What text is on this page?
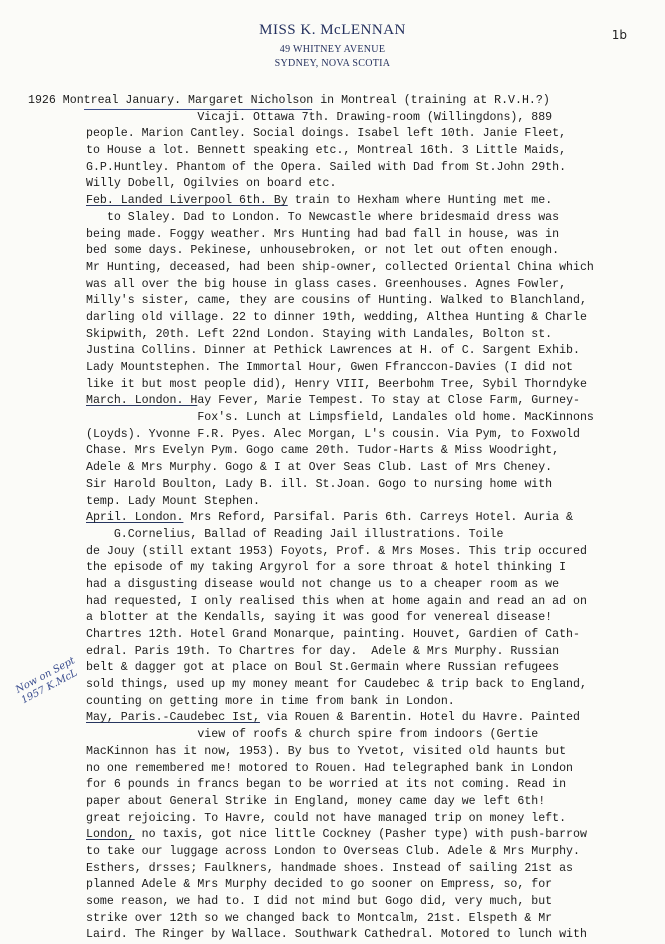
MISS K. McLENNAN
49 WHITNEY AVENUE
SYDNEY, NOVA SCOTIA
1b
Now on Sept
1957 K.McL
1926 Montreal January. Margaret Nicholson in Montreal (training at R.V.H.?)
Vicaji. Ottawa 7th. Drawing-room (Willingdons), 889
people. Marion Cantley. Social doings. Isabel left 10th. Janie Fleet,
to House a lot. Bennett speaking etc., Montreal 16th. 3 Little Maids,
G.P.Huntley. Phantom of the Opera. Sailed with Dad from St.John 29th.
Willy Dobell, Ogilvies on board etc.
Feb. Landed Liverpool 6th. By train to Hexham where Hunting met me.
to Slaley. Dad to London. To Newcastle where bridesmaid dress was
being made. Foggy weather. Mrs Hunting had bad fall in house, was in
bed some days. Pekinese, unhousebroken, or not let out often enough.
Mr Hunting, deceased, had been ship-owner, collected Oriental China which
was all over the big house in glass cases. Greenhouses. Agnes Fowler,
Milly's sister, came, they are cousins of Hunting. Walked to Blanchland,
darling old village. 22 to dinner 19th, wedding, Althea Hunting & Charle
Skipwith, 20th. Left 22nd London. Staying with Landales, Bolton st.
Justina Collins. Dinner at Pethick Lawrences at H. of C. Sargent Exhib.
Lady Mountstephen. The Immortal Hour, Gwen Ffranccon-Davies (I did not
like it but most people did), Henry VIII, Beerbohm Tree, Sybil Thorndyke
March. London. Hay Fever, Marie Tempest. To stay at Close Farm, Gurney-
Fox's. Lunch at Limpsfield, Landales old home. MacKinnons
(Loyds). Yvonne F.R. Pyes. Alec Morgan, L's cousin. Via Pym, to Foxwold
Chase. Mrs Evelyn Pym. Gogo came 20th. Tudor-Harts & Miss Woodright,
Adele & Mrs Murphy. Gogo & I at Over Seas Club. Last of Mrs Cheney.
Sir Harold Boulton, Lady B. ill. St.Joan. Gogo to nursing home with
temp. Lady Mount Stephen.
April. London. Mrs Reford, Parsifal. Paris 6th. Carreys Hotel. Auria &
G.Cornelius, Ballad of Reading Jail illustrations. Toile
de Jouy (still extant 1953) Foyots, Prof. & Mrs Moses. This trip occured
the episode of my taking Argyrol for a sore throat & hotel thinking I
had a disgusting disease would not change us to a cheaper room as we
had requested, I only realised this when at home again and read an ad on
a blotter at the Kendalls, saying it was good for venereal disease!
Chartres 12th. Hotel Grand Monarque, painting. Houvet, Gardien of Cath-
edral. Paris 19th. To Chartres for day.  Adele & Mrs Murphy. Russian
belt & dagger got at place on Boul St.Germain where Russian refugees
sold things, used up my money meant for Caudebec & trip back to England,
counting on getting more in time from bank in London.
May, Paris.-Caudebec Ist, via Rouen & Barentin. Hotel du Havre. Painted
view of roofs & church spire from indoors (Gertie
MacKinnon has it now, 1953). By bus to Yvetot, visited old haunts but
no one remembered me! motored to Rouen. Had telegraphed bank in London
for 6 pounds in francs began to be worried at its not coming. Read in
paper about General Strike in England, money came day we left 6th!
great rejoicing. To Havre, could not have managed trip on money left.
London, no taxis, got nice little Cockney (Pasher type) with push-barrow
to take our luggage across London to Overseas Club. Adele & Mrs Murphy.
Esthers, drsses; Faulkners, handmade shoes. Instead of sailing 21st as
planned Adele & Mrs Murphy decided to go sooner on Empress, so, for
some reason, we had to. I did not mind but Gogo did, very much, but
strike over 12th so we changed back to Montcalm, 21st. Elspeth & Mr
Laird. The Ringer by Wallace. Southwark Cathedral. Motored to lunch with
